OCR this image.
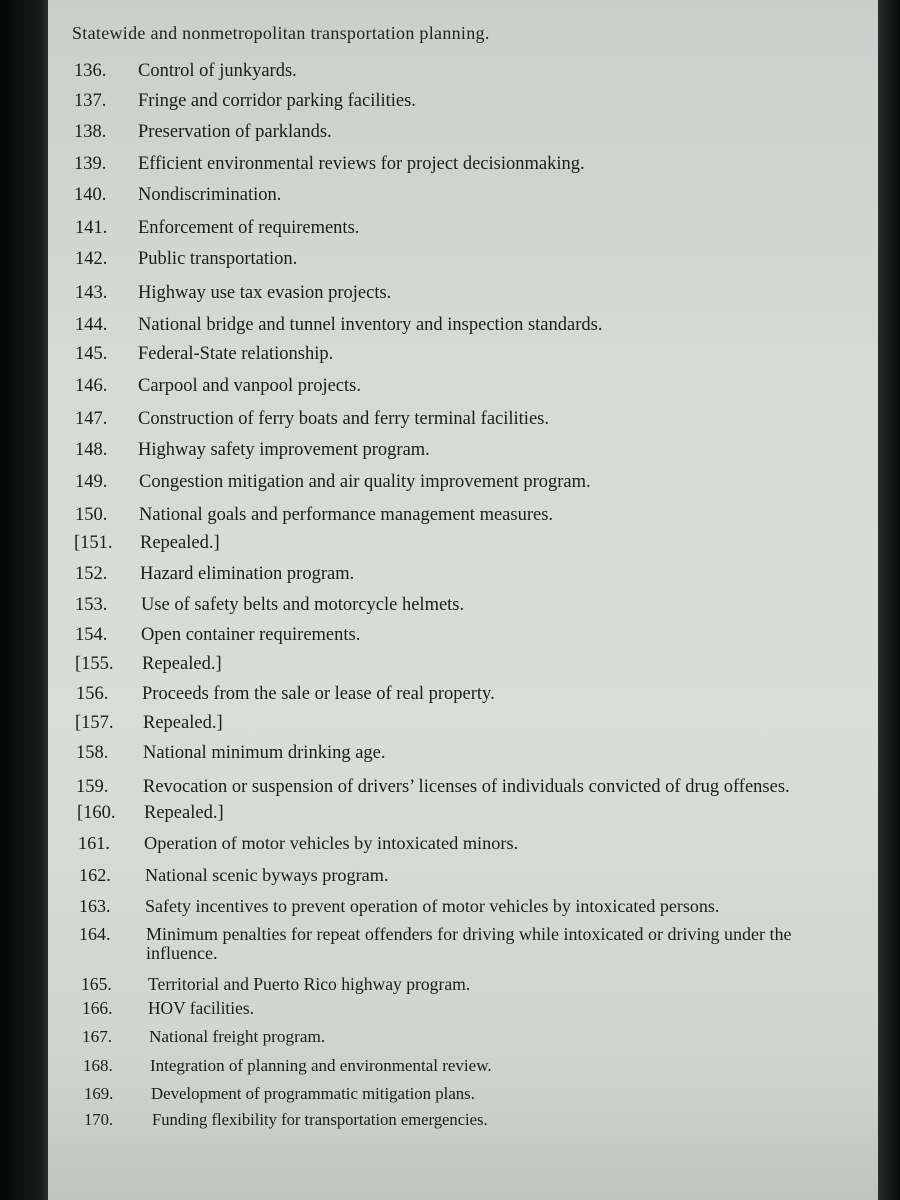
Statewide and nonmetropolitan transportation planning.
136. Control of junkyards.
137. Fringe and corridor parking facilities.
138. Preservation of parklands.
139. Efficient environmental reviews for project decisionmaking.
140. Nondiscrimination.
141. Enforcement of requirements.
142. Public transportation.
143. Highway use tax evasion projects.
144. National bridge and tunnel inventory and inspection standards.
145. Federal-State relationship.
146. Carpool and vanpool projects.
147. Construction of ferry boats and ferry terminal facilities.
148. Highway safety improvement program.
149. Congestion mitigation and air quality improvement program.
150. National goals and performance management measures.
[151. Repealed.]
152. Hazard elimination program.
153. Use of safety belts and motorcycle helmets.
154. Open container requirements.
[155. Repealed.]
156. Proceeds from the sale or lease of real property.
[157. Repealed.]
158. National minimum drinking age.
159. Revocation or suspension of drivers’ licenses of individuals convicted of drug offenses.
[160. Repealed.]
161. Operation of motor vehicles by intoxicated minors.
162. National scenic byways program.
163. Safety incentives to prevent operation of motor vehicles by intoxicated persons.
164. Minimum penalties for repeat offenders for driving while intoxicated or driving under the influence.
165. Territorial and Puerto Rico highway program.
166. HOV facilities.
167. National freight program.
168. Integration of planning and environmental review.
169. Development of programmatic mitigation plans.
170. Funding flexibility for transportation emergencies.
